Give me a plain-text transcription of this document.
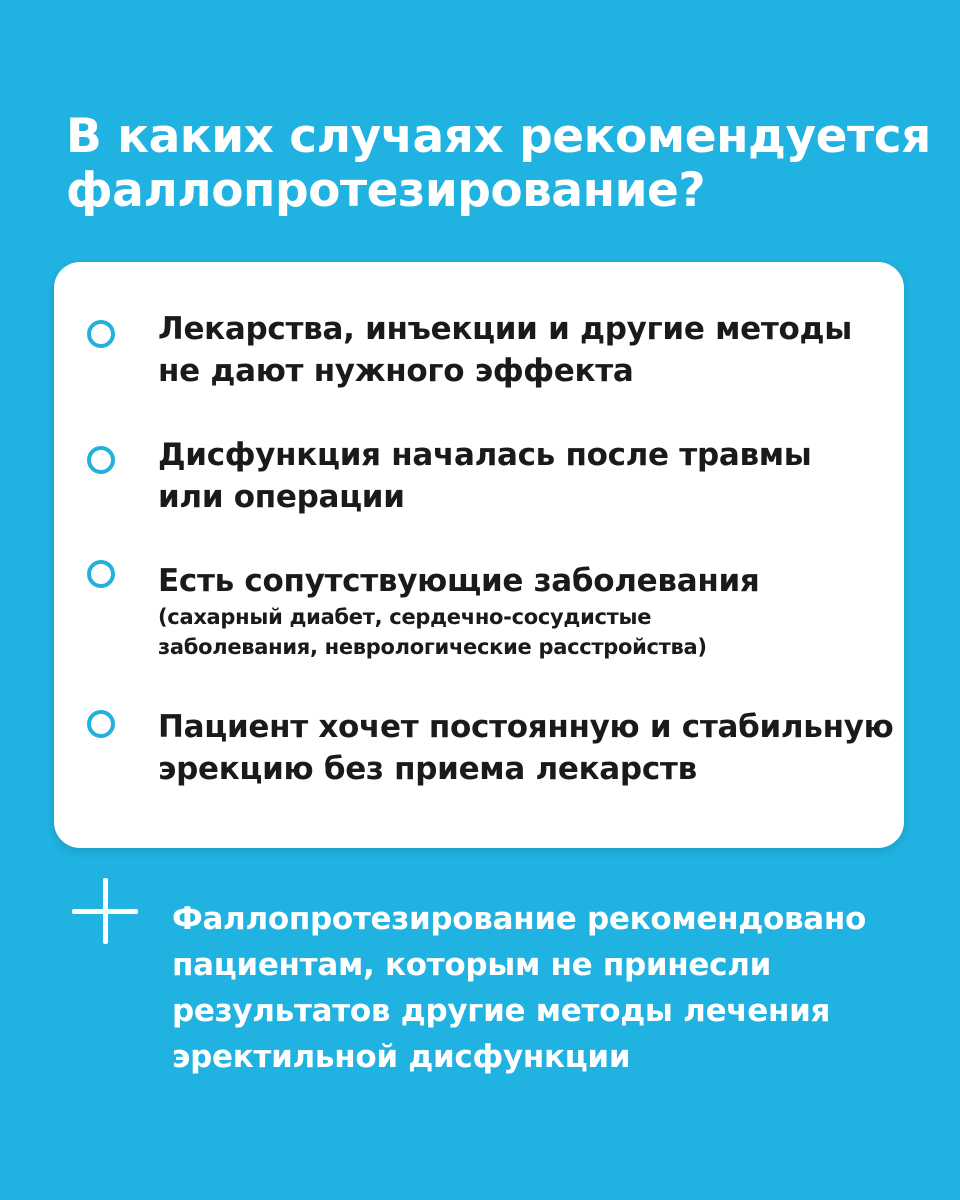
В каких случаях рекомендуется
фаллопротезирование?
Лекарства, инъекции и другие методы
не дают нужного эффекта
Дисфункция началась после травмы
или операции
Есть сопутствующие заболевания
(сахарный диабет, сердечно-сосудистые
заболевания, неврологические расстройства)
Пациент хочет постоянную и стабильную
эрекцию без приема лекарств
Фаллопротезирование рекомендовано
пациентам, которым не принесли
результатов другие методы лечения
эректильной дисфункции
